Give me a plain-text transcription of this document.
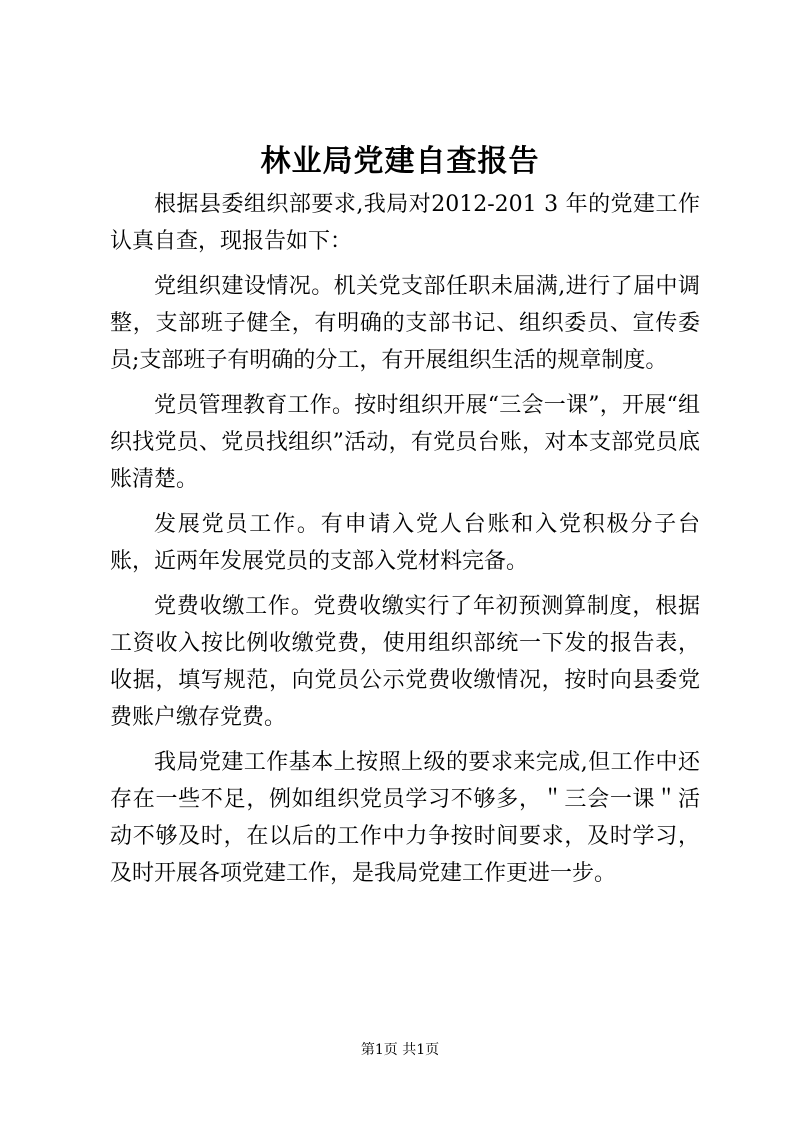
林业局党建自查报告

根据县委组织部要求,我局对2012-201 3 年的党建工作认真自查，现报告如下：

党组织建设情况。机关党支部任职未届满,进行了届中调整，支部班子健全，有明确的支部书记、组织委员、宣传委员;支部班子有明确的分工，有开展组织生活的规章制度。

党员管理教育工作。按时组织开展“三会一课”，开展“组织找党员、党员找组织”活动，有党员台账，对本支部党员底账清楚。

发展党员工作。有申请入党人台账和入党积极分子台账，近两年发展党员的支部入党材料完备。

党费收缴工作。党费收缴实行了年初预测算制度，根据工资收入按比例收缴党费，使用组织部统一下发的报告表，收据，填写规范，向党员公示党费收缴情况，按时向县委党费账户缴存党费。

我局党建工作基本上按照上级的要求来完成,但工作中还存在一些不足，例如组织党员学习不够多，＂三会一课＂活动不够及时，在以后的工作中力争按时间要求，及时学习，及时开展各项党建工作，是我局党建工作更进一步。

第1页 共1页
